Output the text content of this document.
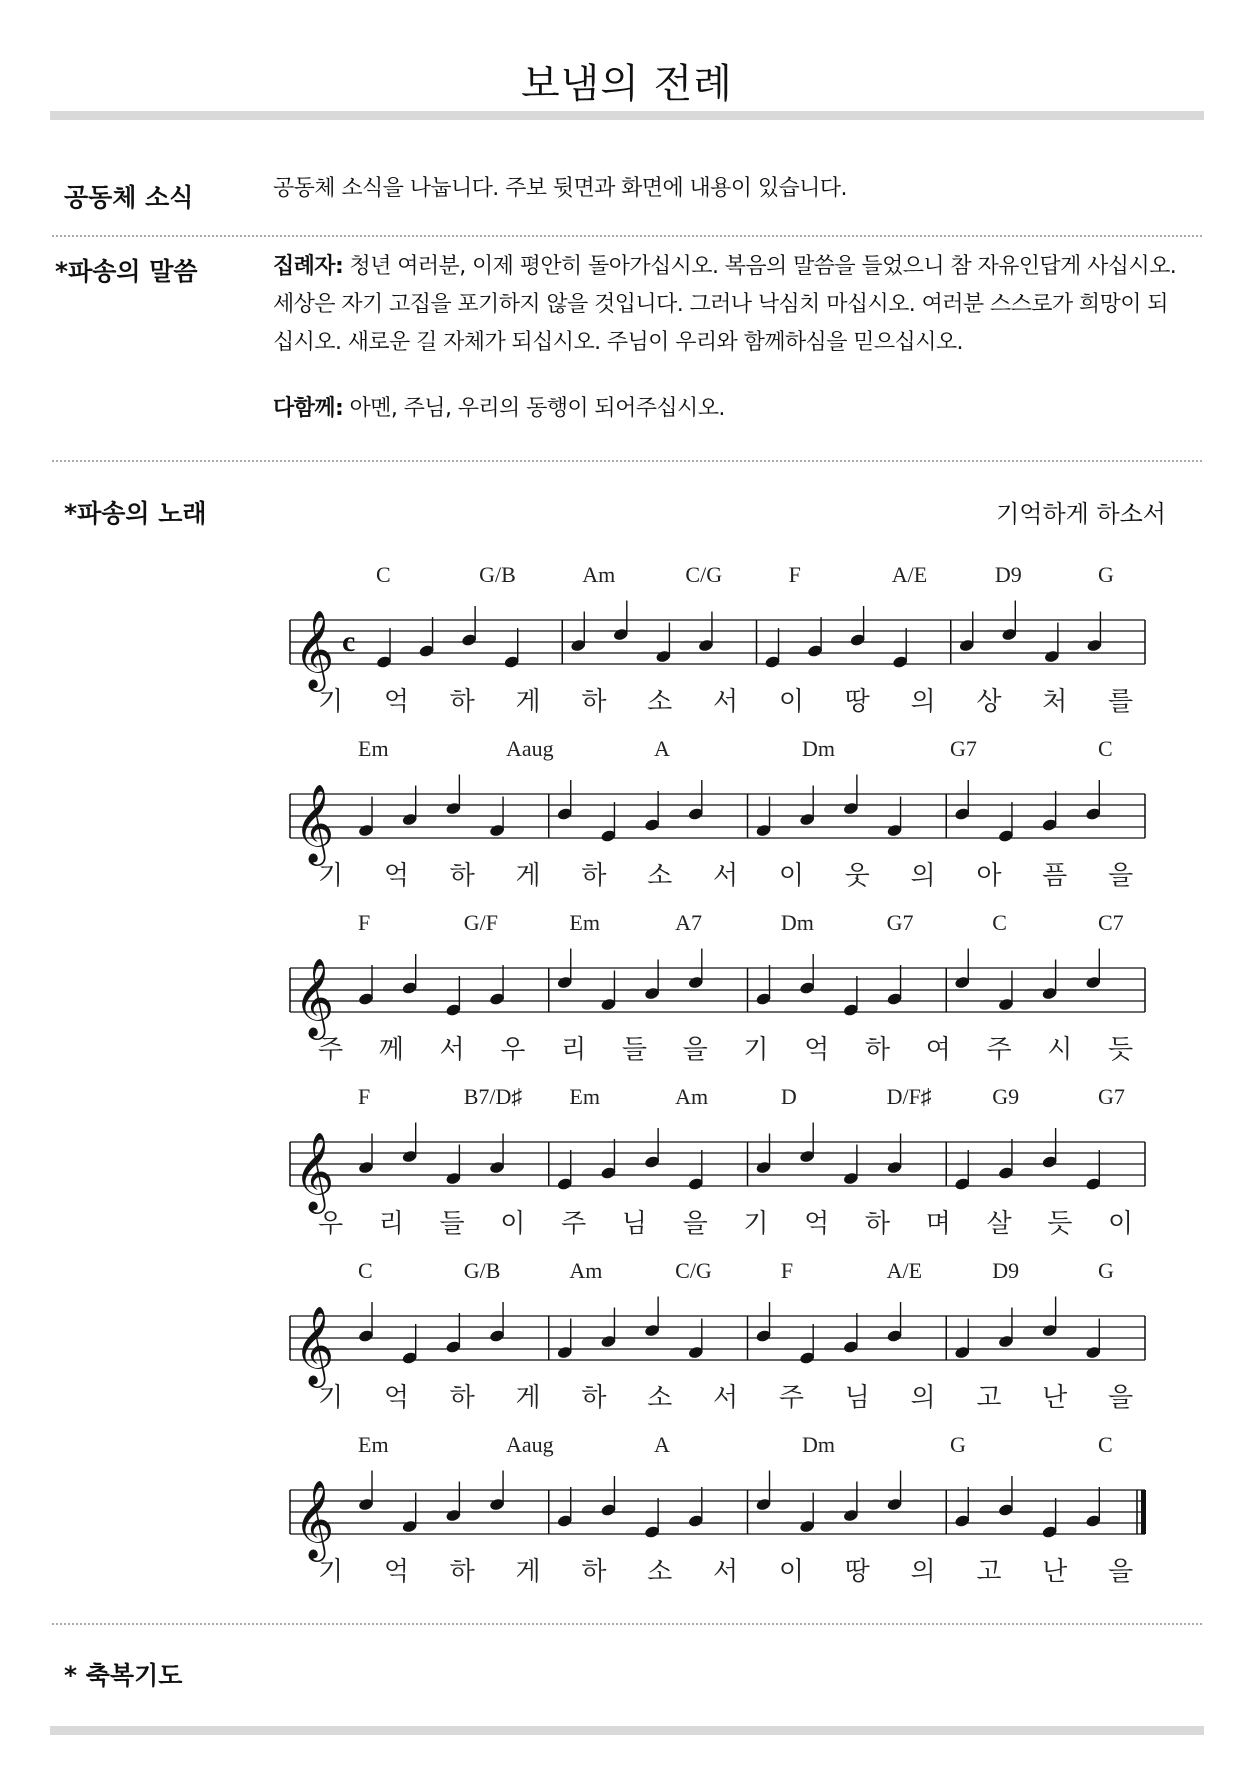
보냄의 전례
공동체 소식	공동체 소식을 나눕니다. 주보 뒷면과 화면에 내용이 있습니다.
*파송의 말씀	집례자: 청년 여러분, 이제 평안히 돌아가십시오. 복음의 말씀을 들었으니 참 자유인답게 사십시오. 세상은 자기 고집을 포기하지 않을 것입니다. 그러나 낙심치 마십시오. 여러분 스스로가 희망이 되십시오. 새로운 길 자체가 되십시오. 주님이 우리와 함께하심을 믿으십시오.
다함께: 아멘, 주님, 우리의 동행이 되어주십시오.
*파송의 노래	기억하게 하소서
𝄞 c
C	G/B	Am	C/G	F	A/E	D9	G
기 억 하 게 하 소 서 이 땅 의 상 처 를
𝄞
Em	Aaug	A	Dm	G7	C
기 억 하 게 하 소 서 이 웃 의 아 픔 을
𝄞
F	G/F	Em	A7	Dm	G7	C	C7
주 께 서 우 리 들 을 기 억 하 여 주 시 듯
𝄞
F	B7/D♯ Em	Am	D	D/F♯	G9	G7
우 리 들 이 주 님 을 기 억 하 며 살 듯 이
𝄞
C	G/B	Am	C/G	F	A/E	D9	G
기 억 하 게 하 소 서 주 님 의 고 난 을
𝄞
Em	Aaug	A	Dm	G	C
기 억 하 게 하 소 서 이 땅 의 고 난 을
* 축복기도
